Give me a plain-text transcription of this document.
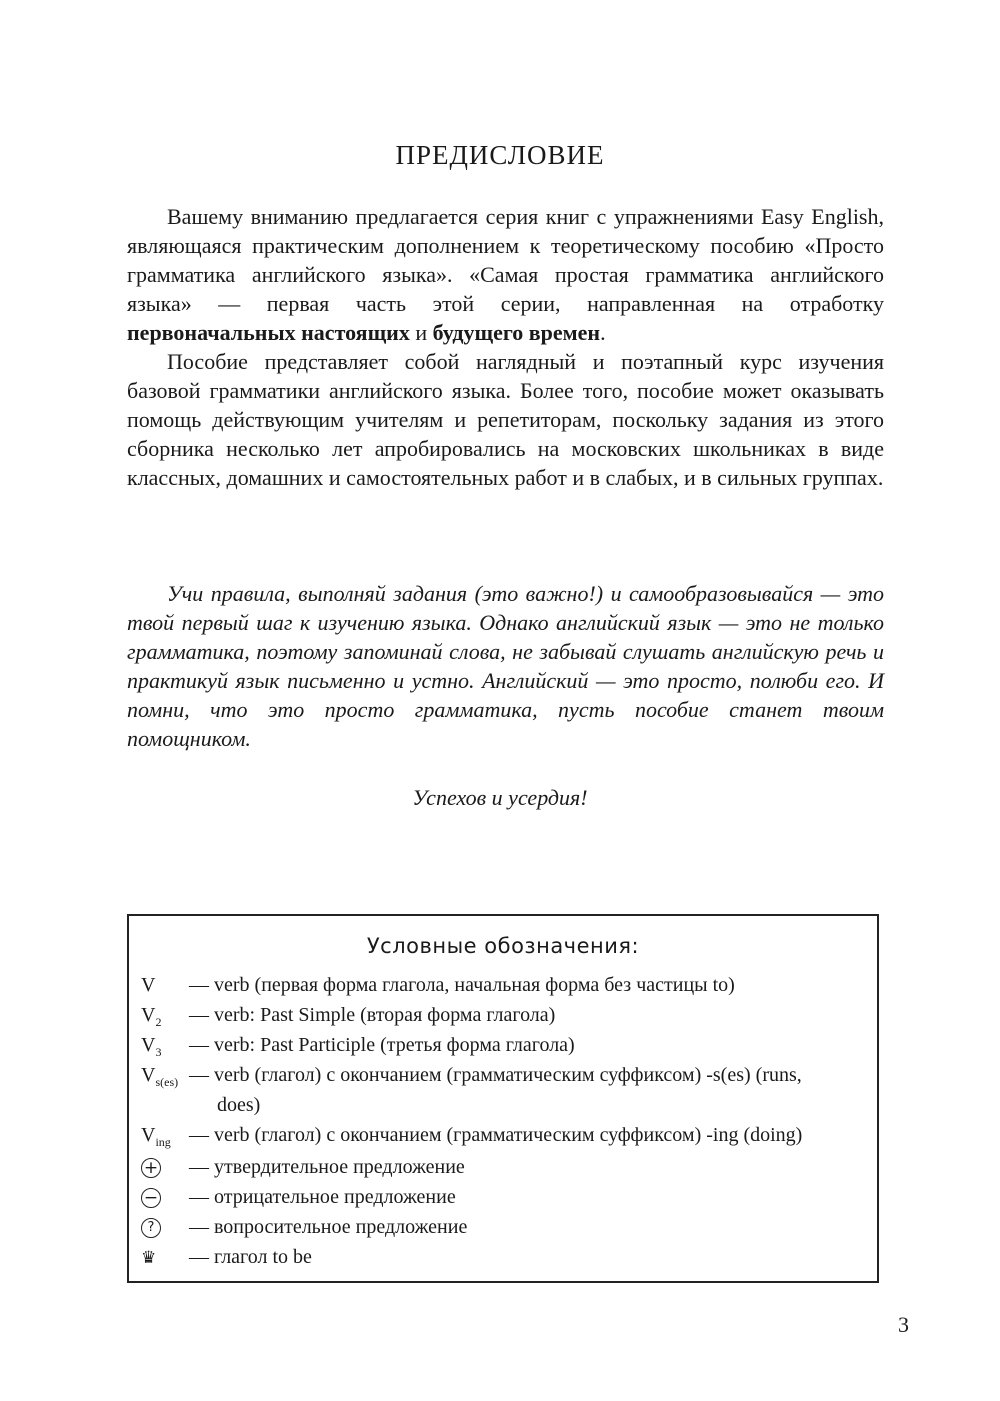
ПРЕДИСЛОВИЕ

Вашему вниманию предлагается серия книг с упражнениями Easy English, являющаяся практическим дополнением к теоретическому пособию «Просто грамматика английского языка». «Самая простая грамматика английского языка» — первая часть этой серии, направленная на отработку первоначальных настоящих и будущего времен.

Пособие представляет собой наглядный и поэтапный курс изучения базовой грамматики английского языка. Более того, пособие может оказывать помощь действующим учителям и репетиторам, поскольку задания из этого сборника несколько лет апробировались на московских школьниках в виде классных, домашних и самостоятельных работ и в слабых, и в сильных группах.

Учи правила, выполняй задания (это важно!) и самообразовывайся — это твой первый шаг к изучению языка. Однако английский язык — это не только грамматика, поэтому запоминай слова, не забывай слушать английскую речь и практикуй язык письменно и устно. Английский — это просто, полюби его. И помни, что это просто грамматика, пусть пособие станет твоим помощником.
Успехов и усердия!
Условные обозначения:
V	— verb (первая форма глагола, начальная форма без частицы to)
$V_2$	— verb: Past Simple (вторая форма глагола)
$V_3$	— verb: Past Participle (третья форма глагола)
$V_{s(es)}$ — verb (глагол) с окончанием (грамматическим суффиксом) -s(es) (runs,
does)
$V_{ing}$ — verb (глагол) с окончанием (грамматическим суффиксом) -ing (doing)
+	— утвердительное предложение
−	— отрицательное предложение
?	— вопросительное предложение
♛	— глагол to be
3
